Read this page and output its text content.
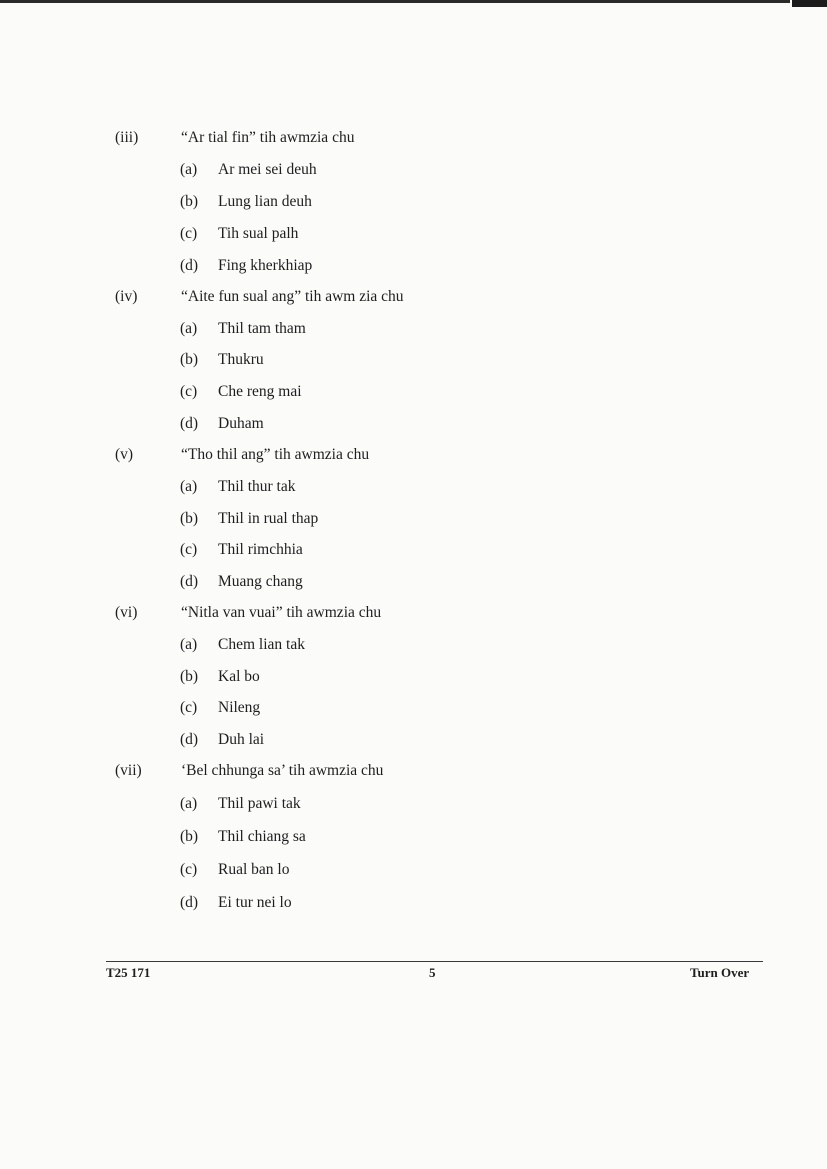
(iii)	“Ar tial fin” tih awmzia chu
(a) Ar mei sei deuh
(b) Lung lian deuh
(c) Tih sual palh
(d) Fing kherkhiap
(iv)	“Aite fun sual ang” tih awm zia chu
(a) Thil tam tham
(b) Thukru
(c) Che reng mai
(d) Duham
(v)	“Tho thil ang” tih awmzia chu
(a) Thil thur tak
(b) Thil in rual thap
(c) Thil rimchhia
(d) Muang chang
(vi)	“Nitla van vuai” tih awmzia chu
(a) Chem lian tak
(b) Kal bo
(c) Nileng
(d) Duh lai
(vii)	‘Bel chhunga sa’ tih awmzia chu
(a) Thil pawi tak
(b) Thil chiang sa
(c) Rual ban lo
(d) Ei tur nei lo
T25 171	5	Turn Over
